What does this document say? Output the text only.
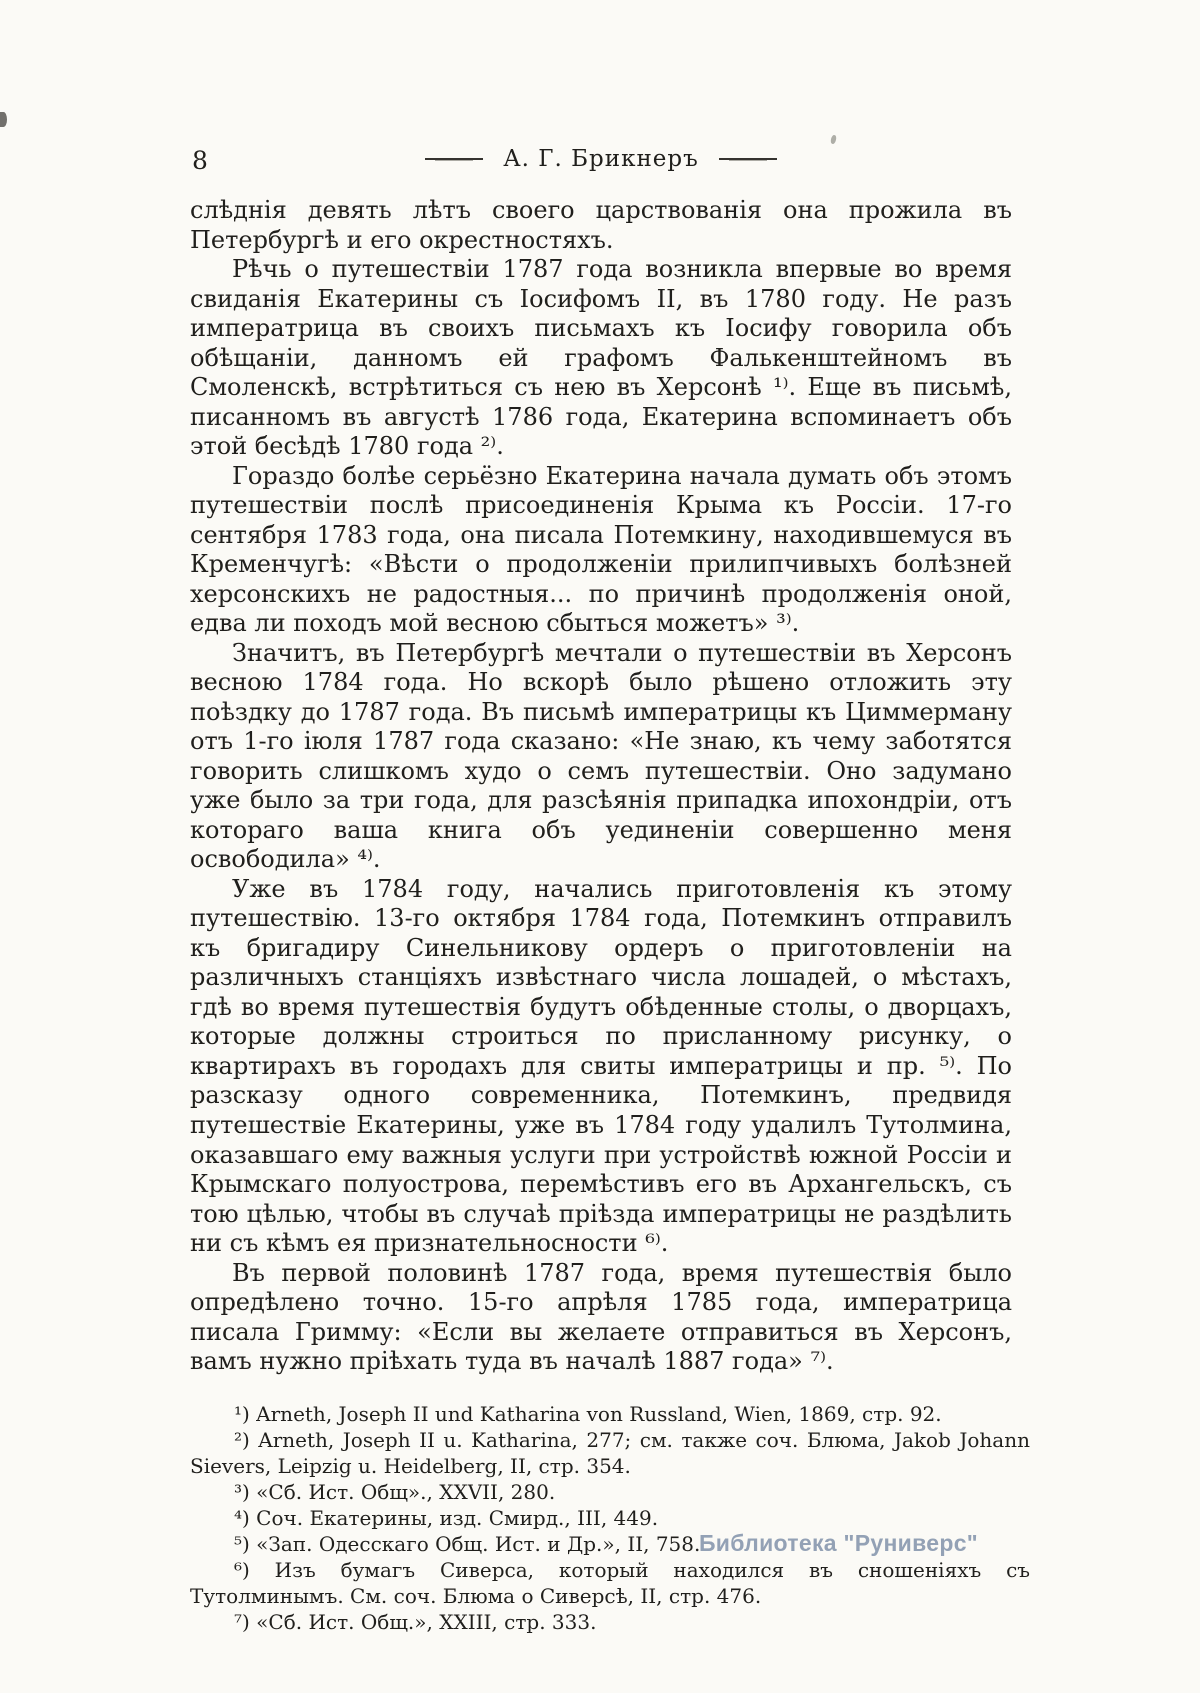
8	А. Г. Брикнеръ

слѣднія девять лѣтъ своего царствованія она прожила въ Петербургѣ и его окрестностяхъ.

Рѣчь о путешествіи 1787 года возникла впервые во время свиданія Екатерины съ Іосифомъ II, въ 1780 году. Не разъ императрица въ своихъ письмахъ къ Іосифу говорила объ обѣщаніи, данномъ ей графомъ Фалькенштейномъ въ Смоленскѣ, встрѣтиться съ нею въ Херсонѣ ¹⁾. Еще въ письмѣ, писанномъ въ августѣ 1786 года, Екатерина вспоминаетъ объ этой бесѣдѣ 1780 года ²⁾.

Гораздо болѣе серьёзно Екатерина начала думать объ этомъ путешествіи послѣ присоединенія Крыма къ Россіи. 17-го сентября 1783 года, она писала Потемкину, находившемуся въ Кременчугѣ: «Вѣсти о продолженіи прилипчивыхъ болѣзней херсонскихъ не радостныя... по причинѣ продолженія оной, едва ли походъ мой весною сбыться можетъ» ³⁾.

Значитъ, въ Петербургѣ мечтали о путешествіи въ Херсонъ весною 1784 года. Но вскорѣ было рѣшено отложить эту поѣздку до 1787 года. Въ письмѣ императрицы къ Циммерману отъ 1-го іюля 1787 года сказано: «Не знаю, къ чему заботятся говорить слишкомъ худо о семъ путешествіи. Оно задумано уже было за три года, для разсѣянія припадка ипохондріи, отъ котораго ваша книга объ уединеніи совершенно меня освободила» ⁴⁾.

Уже въ 1784 году, начались приготовленія къ этому путешествію. 13-го октября 1784 года, Потемкинъ отправилъ къ бригадиру Синельникову ордеръ о приготовленіи на различныхъ станціяхъ извѣстнаго числа лошадей, о мѣстахъ, гдѣ во время путешествія будутъ обѣденные столы, о дворцахъ, которые должны строиться по присланному рисунку, о квартирахъ въ городахъ для свиты императрицы и пр. ⁵⁾. По разсказу одного современника, Потемкинъ, предвидя путешествіе Екатерины, уже въ 1784 году удалилъ Тутолмина, оказавшаго ему важныя услуги при устройствѣ южной Россіи и Крымскаго полуострова, перемѣстивъ его въ Архангельскъ, съ тою цѣлью, чтобы въ случаѣ пріѣзда императрицы не раздѣлить ни съ кѣмъ ея признательносности ⁶⁾.

Въ первой половинѣ 1787 года, время путешествія было опредѣлено точно. 15-го апрѣля 1785 года, императрица писала Гримму: «Если вы желаете отправиться въ Херсонъ, вамъ нужно пріѣхать туда въ началѣ 1887 года» ⁷⁾.

¹) Arneth, Joseph II und Katharina von Russland, Wien, 1869, стр. 92.

²) Arneth, Joseph II u. Katharina, 277; см. также соч. Блюма, Jakob Johann Sievers, Leipzig u. Heidelberg, II, стр. 354.

³) «Сб. Ист. Общ»., XXVII, 280.

⁴) Соч. Екатерины, изд. Смирд., III, 449.

⁵) «Зап. Одесскаго Общ. Ист. и Др.», II, 758.

⁶) Изъ бумагъ Сиверса, который находился въ сношеніяхъ съ Тутолминымъ. См. соч. Блюма о Сиверсѣ, II, стр. 476.

⁷) «Сб. Ист. Общ.», XXIII, стр. 333.

Библиотека "Руниверс"
